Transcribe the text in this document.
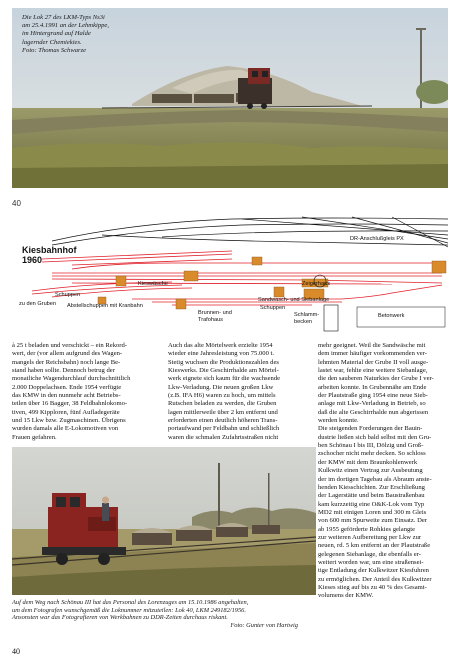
Die Lok 27 des LKM-Typs Ns3i
am 25.4.1991 an der Lehmkippe,
im Hintergrund auf Halde
lagernder Chemiekies.
Foto: Thomas Schwarze
40
Kiesbahnhof
1960
DR-Anschlußgleis PX
Kieswäsche	Zeigerhaus
Schuppen
zu den Gruben Abstellschuppen mit Kranbahn
Sandwasch- und Siebanlage
Brunnen- und
Trafohaus
Schuppen
Schlamm-
becken
Betonwerk
à 25 t beladen und verschickt – ein Rekord-
wert, der (vor allem aufgrund des Wagen-
mangels der Reichsbahn) noch lange Be-
stand haben sollte. Dennoch betrug der
monatliche Wagendurchlauf durchschnittlich
2.000 Doppelachsen. Ende 1954 verfügte
das KMW in den nunmehr acht Betriebs-
teilen über 16 Bagger, 38 Feldbahnlokomo-
tiven, 499 Kipploren, fünf Aufladegeräte
und 15 Lkw bzw. Zugmaschinen. Übrigens
wurden damals alle E-Lokomotiven von
Frauen gefahren.
Auch das alte Mörtelwerk erzielte 1954
wieder eine Jahresleistung von 75.000 t.
Stetig wuchsen die Produktionszahlen des
Kieswerks. Die Geschirrhalde am Mörtel-
werk eignete sich kaum für die wachsende
Lkw-Verladung. Die neuen großen Lkw
(z.B. IFA H6) waren zu hoch, um mittels
Rutschen beladen zu werden, die Gruben
lagen mittlerweile über 2 km entfernt und
erforderten einen deutlich höheren Trans-
portaufwand per Feldbahn und schließlich
waren die schmalen Zufahrtsstraßen nicht
mehr geeignet. Weil die Sandwäsche mit
dem immer häufiger vorkommenden ver-
lehmten Material der Grube II voll ausge-
lastet war, fehlte eine weitere Siebanlage,
die den sauberen Naturkies der Grube I ver-
arbeiten konnte. In Grubennähe am Ende
der Plautstraße ging 1954 eine neue Sieb-
anlage mit Lkw-Verladung in Betrieb, so
daß die alte Geschirrhalde nun abgerissen
werden konnte.
Die steigenden Forderungen der Bauin-
dustrie ließen sich bald selbst mit den Gru-
ben Schönau I bis III, Dölzig und Groß-
zschocher nicht mehr decken. So schloss
der KMW mit dem Braunkohlenwerk
Kulkwitz einen Vertrag zur Ausbeutung
der im dortigen Tagebau als Abraum anste-
henden Kiesschichten. Zur Erschließung
der Lagerstätte und beim Baustraßenbau
kam kurzzeitig eine O&K-Lok vom Typ
MD2 mit einigen Loren und 300 m Gleis
von 600 mm Spurweite zum Einsatz. Der
ab 1955 geförderte Rohkies gelangte
zur weiteren Aufbereitung per Lkw zur
neuen, rd. 5 km entfernt an der Plautstraße
gelegenen Siebanlage, die ebenfalls er-
weitert worden war, um eine straßensei-
tige Entladung der Kulkwitzer Kiesfuhren
zu ermöglichen. Der Anteil des Kulkwitzer
Kieses stieg auf bis zu 40 % des Gesamt-
volumens der KMW.
Auf dem Weg nach Schönau III hat das Personal des Lorenzuges am 15.10.1986 angehalten,
um dem Fotografen wunschgemäß die Loknummer mitzuteilen: Lok 40, LKM 249182/1956.
Ansonsten war das Fotografieren von Werkbahnen zu DDR-Zeiten durchaus riskant.
Foto: Gunter von Hartwig
40
